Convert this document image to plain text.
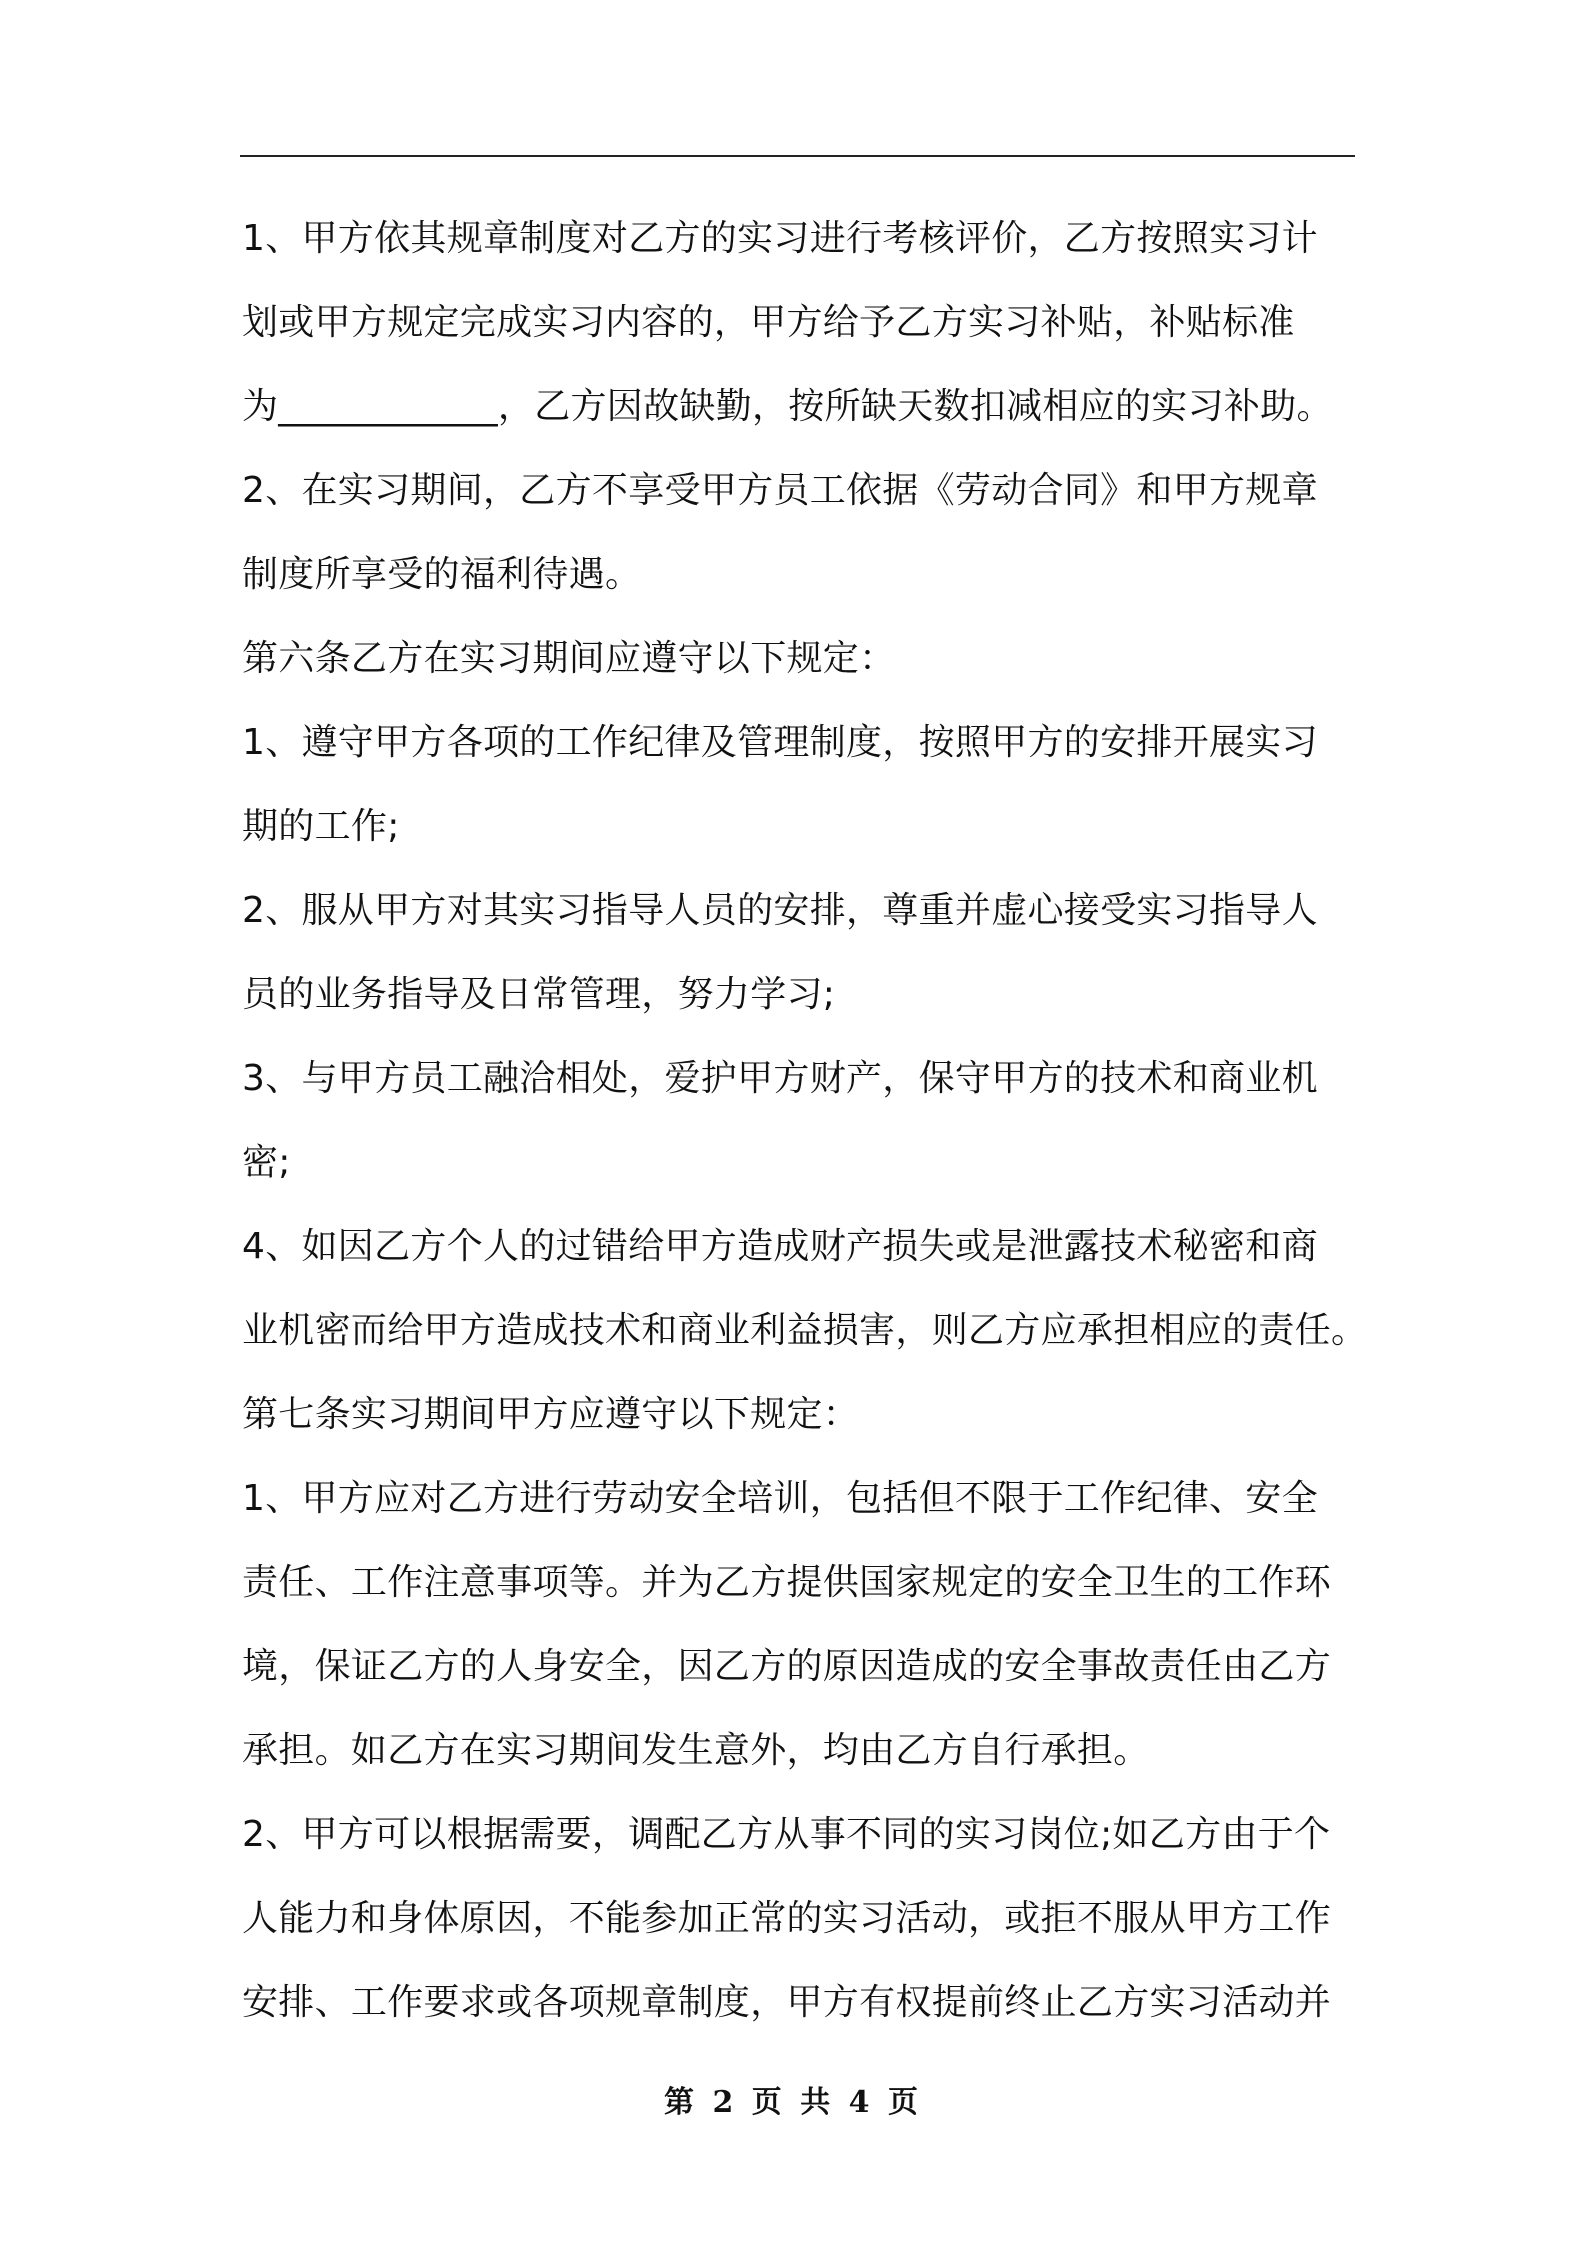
1、甲方依其规章制度对乙方的实习进行考核评价，乙方按照实习计
划或甲方规定完成实习内容的，甲方给予乙方实习补贴，补贴标准
为____________，乙方因故缺勤，按所缺天数扣减相应的实习补助。
2、在实习期间，乙方不享受甲方员工依据《劳动合同》和甲方规章
制度所享受的福利待遇。
第六条乙方在实习期间应遵守以下规定：
1、遵守甲方各项的工作纪律及管理制度，按照甲方的安排开展实习
期的工作;
2、服从甲方对其实习指导人员的安排，尊重并虚心接受实习指导人
员的业务指导及日常管理，努力学习;
3、与甲方员工融洽相处，爱护甲方财产，保守甲方的技术和商业机
密;
4、如因乙方个人的过错给甲方造成财产损失或是泄露技术秘密和商
业机密而给甲方造成技术和商业利益损害，则乙方应承担相应的责任。
第七条实习期间甲方应遵守以下规定：
1、甲方应对乙方进行劳动安全培训，包括但不限于工作纪律、安全
责任、工作注意事项等。并为乙方提供国家规定的安全卫生的工作环
境，保证乙方的人身安全，因乙方的原因造成的安全事故责任由乙方
承担。如乙方在实习期间发生意外，均由乙方自行承担。
2、甲方可以根据需要，调配乙方从事不同的实习岗位;如乙方由于个
人能力和身体原因，不能参加正常的实习活动，或拒不服从甲方工作
安排、工作要求或各项规章制度，甲方有权提前终止乙方实习活动并
第 2 页 共 4 页
